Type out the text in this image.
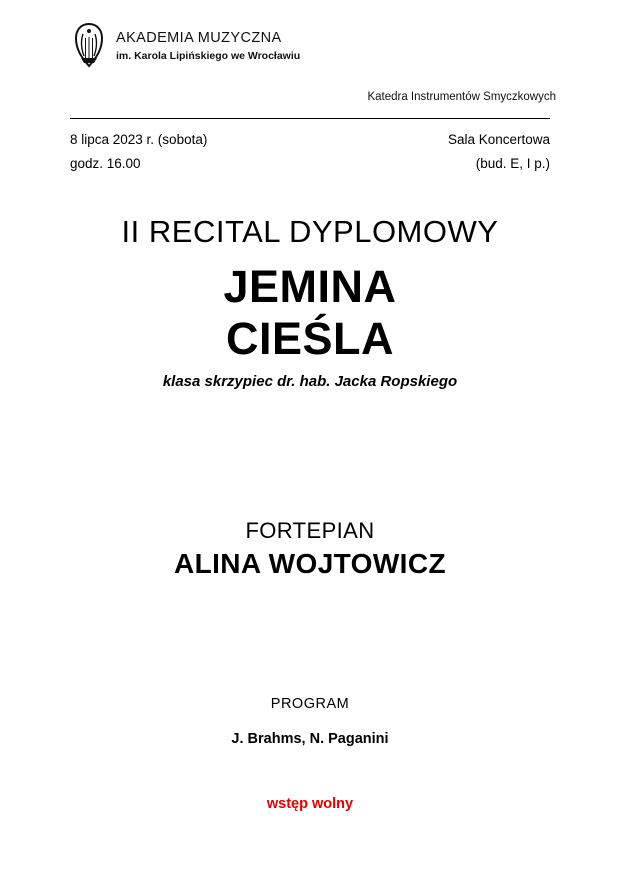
AKADEMIA MUZYCZNA
im. Karola Lipińskiego we Wrocławiu
Katedra Instrumentów Smyczkowych
8 lipca 2023 r. (sobota)
godz. 16.00
Sala Koncertowa
(bud. E, I p.)
II RECITAL DYPLOMOWY
JEMINA
CIEŚLA
klasa skrzypiec dr. hab. Jacka Ropskiego
FORTEPIAN
ALINA WOJTOWICZ
PROGRAM
J. Brahms, N. Paganini
wstęp wolny
